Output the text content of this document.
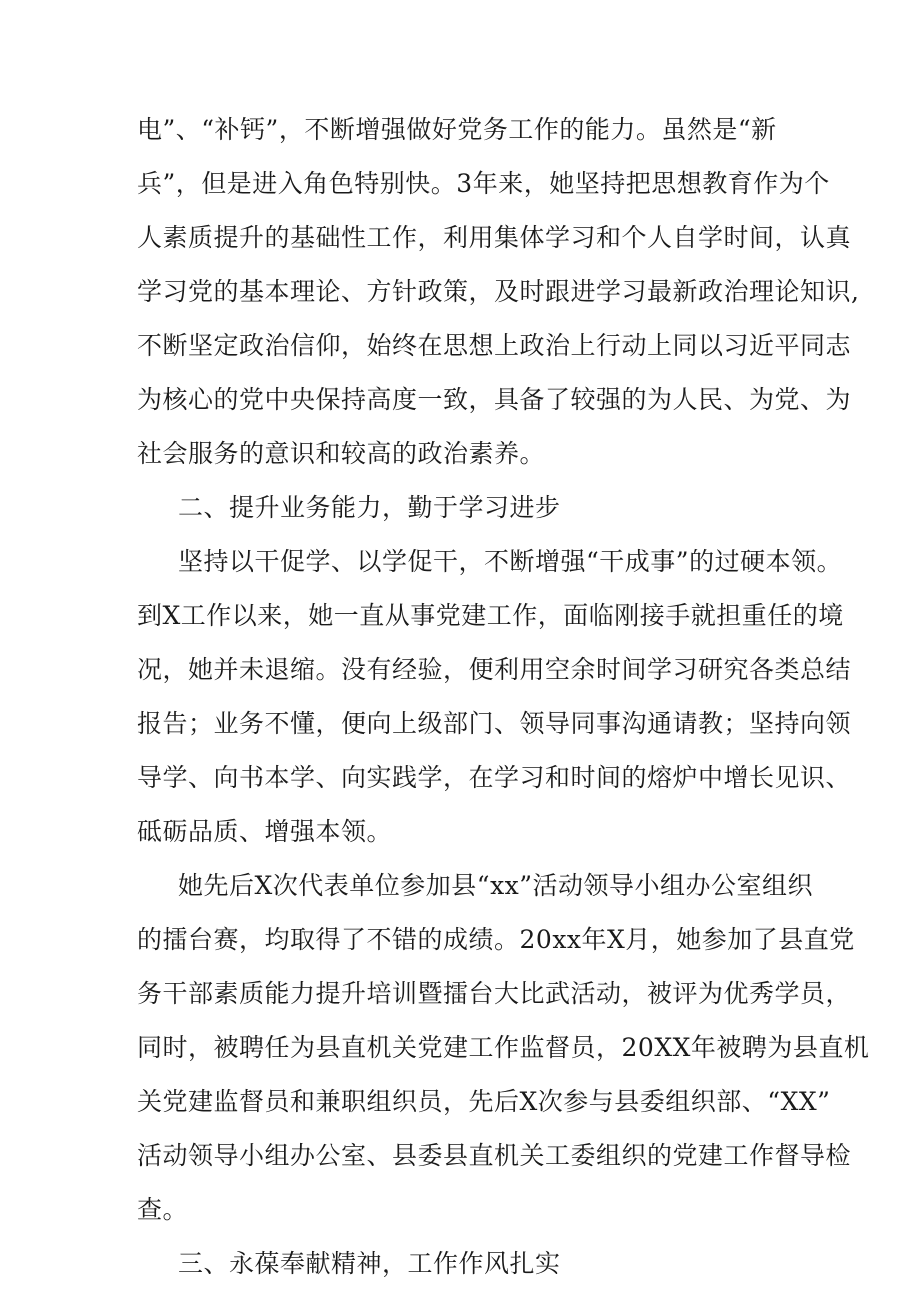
电”、“补钙”，不断增强做好党务工作的能力。虽然是“新
兵”，但是进入角色特别快。3年来，她坚持把思想教育作为个
人素质提升的基础性工作，利用集体学习和个人自学时间，认真
学习党的基本理论、方针政策，及时跟进学习最新政治理论知识,
不断坚定政治信仰，始终在思想上政治上行动上同以习近平同志
为核心的党中央保持高度一致，具备了较强的为人民、为党、为
社会服务的意识和较高的政治素养。
二、提升业务能力，勤于学习进步
坚持以干促学、以学促干，不断增强“干成事”的过硬本领。
到X工作以来，她一直从事党建工作，面临刚接手就担重任的境
况，她并未退缩。没有经验，便利用空余时间学习研究各类总结
报告；业务不懂，便向上级部门、领导同事沟通请教；坚持向领
导学、向书本学、向实践学，在学习和时间的熔炉中增长见识、
砥砺品质、增强本领。
她先后X次代表单位参加县“xx”活动领导小组办公室组织
的擂台赛，均取得了不错的成绩。20xx年X月，她参加了县直党
务干部素质能力提升培训暨擂台大比武活动，被评为优秀学员，
同时，被聘任为县直机关党建工作监督员，20XX年被聘为县直机
关党建监督员和兼职组织员，先后X次参与县委组织部、“XX”
活动领导小组办公室、县委县直机关工委组织的党建工作督导检
查。
三、永葆奉献精神，工作作风扎实
